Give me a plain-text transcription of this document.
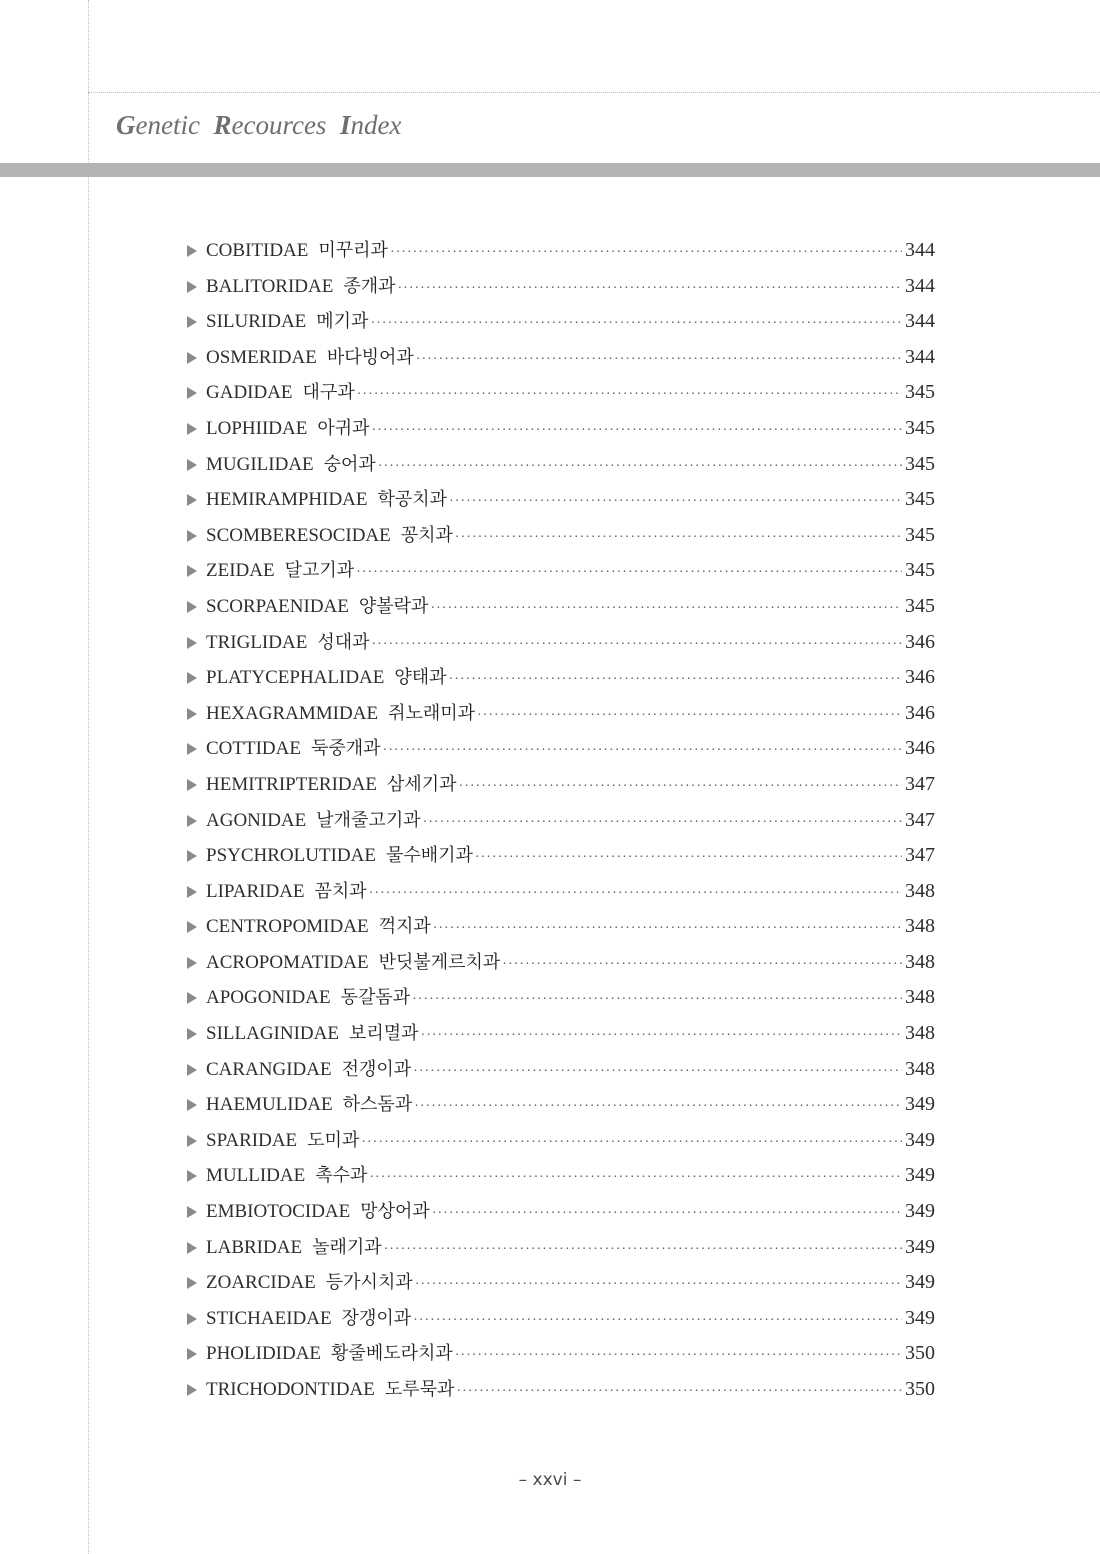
Genetic Recources Index
COBITIDAE 미꾸리과 ·····	344
BALITORIDAE 종개과 ·····	344
SILURIDAE 메기과 ·····	344
OSMERIDAE 바다빙어과 ·····	344
GADIDAE 대구과 ·····	345
LOPHIIDAE 아귀과 ·····	345
MUGILIDAE 숭어과 ·····	345
HEMIRAMPHIDAE 학공치과 ·····	345
SCOMBERESOCIDAE 꽁치과 ·····	345
ZEIDAE 달고기과 ·····	345
SCORPAENIDAE 양볼락과 ·····	345
TRIGLIDAE 성대과 ·····	346
PLATYCEPHALIDAE 양태과 ·····	346
HEXAGRAMMIDAE 쥐노래미과 ·····	346
COTTIDAE 둑중개과 ·····	346
HEMITRIPTERIDAE 삼세기과 ·····	347
AGONIDAE 날개줄고기과 ·····	347
PSYCHROLUTIDAE 물수배기과 ·····	347
LIPARIDAE 꼼치과 ·····	348
CENTROPOMIDAE 꺽지과 ·····	348
ACROPOMATIDAE 반딧불게르치과 ·····	348
APOGONIDAE 동갈돔과 ·····	348
SILLAGINIDAE 보리멸과 ·····	348
CARANGIDAE 전갱이과 ·····	348
HAEMULIDAE 하스돔과 ·····	349
SPARIDAE 도미과 ·····	349
MULLIDAE 촉수과 ·····	349
EMBIOTOCIDAE 망상어과 ·····	349
LABRIDAE 놀래기과 ·····	349
ZOARCIDAE 등가시치과 ·····	349
STICHAEIDAE 장갱이과 ·····	349
PHOLIDIDAE 황줄베도라치과 ·····	350
TRICHODONTIDAE 도루묵과 ·····	350
– xxvi –
